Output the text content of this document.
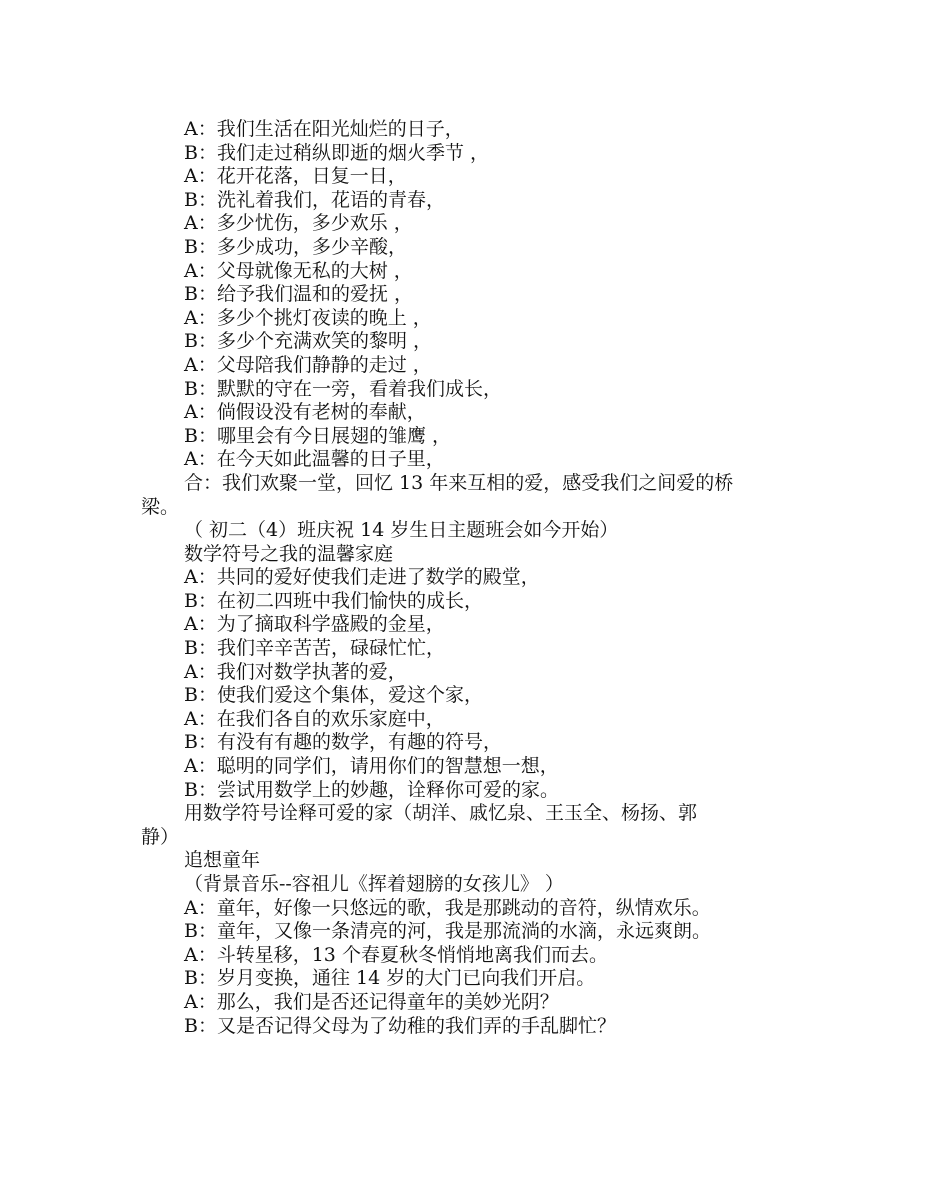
A：我们生活在阳光灿烂的日子，
B：我们走过稍纵即逝的烟火季节 ，
A：花开花落，日复一日，
B：洗礼着我们，花语的青春，
A：多少忧伤，多少欢乐 ，
B：多少成功，多少辛酸，
A：父母就像无私的大树 ，
B：给予我们温和的爱抚 ，
A：多少个挑灯夜读的晚上 ，
B：多少个充满欢笑的黎明 ，
A：父母陪我们静静的走过 ，
B：默默的守在一旁，看着我们成长，
A：倘假设没有老树的奉献，
B：哪里会有今日展翅的雏鹰 ，
A：在今天如此温馨的日子里，
合：我们欢聚一堂，回忆 13 年来互相的爱，感受我们之间爱的桥
梁。
（ 初二（4）班庆祝 14 岁生日主题班会如今开始）
数学符号之我的温馨家庭
A：共同的爱好使我们走进了数学的殿堂，
B：在初二四班中我们愉快的成长，
A：为了摘取科学盛殿的金星，
B：我们辛辛苦苦，碌碌忙忙，
A：我们对数学执著的爱，
B：使我们爱这个集体，爱这个家，
A：在我们各自的欢乐家庭中，
B：有没有有趣的数学，有趣的符号，
A：聪明的同学们，请用你们的智慧想一想，
B：尝试用数学上的妙趣，诠释你可爱的家。
用数学符号诠释可爱的家（胡洋、戚忆泉、王玉全、杨扬、郭
静）
追想童年
（背景音乐--容祖儿《挥着翅膀的女孩儿》 ）
A：童年，好像一只悠远的歌，我是那跳动的音符，纵情欢乐。
B：童年，又像一条清亮的河，我是那流淌的水滴，永远爽朗。
A：斗转星移，13 个春夏秋冬悄悄地离我们而去。
B：岁月变换，通往 14 岁的大门已向我们开启。
A：那么，我们是否还记得童年的美妙光阴？
B：又是否记得父母为了幼稚的我们弄的手乱脚忙？
